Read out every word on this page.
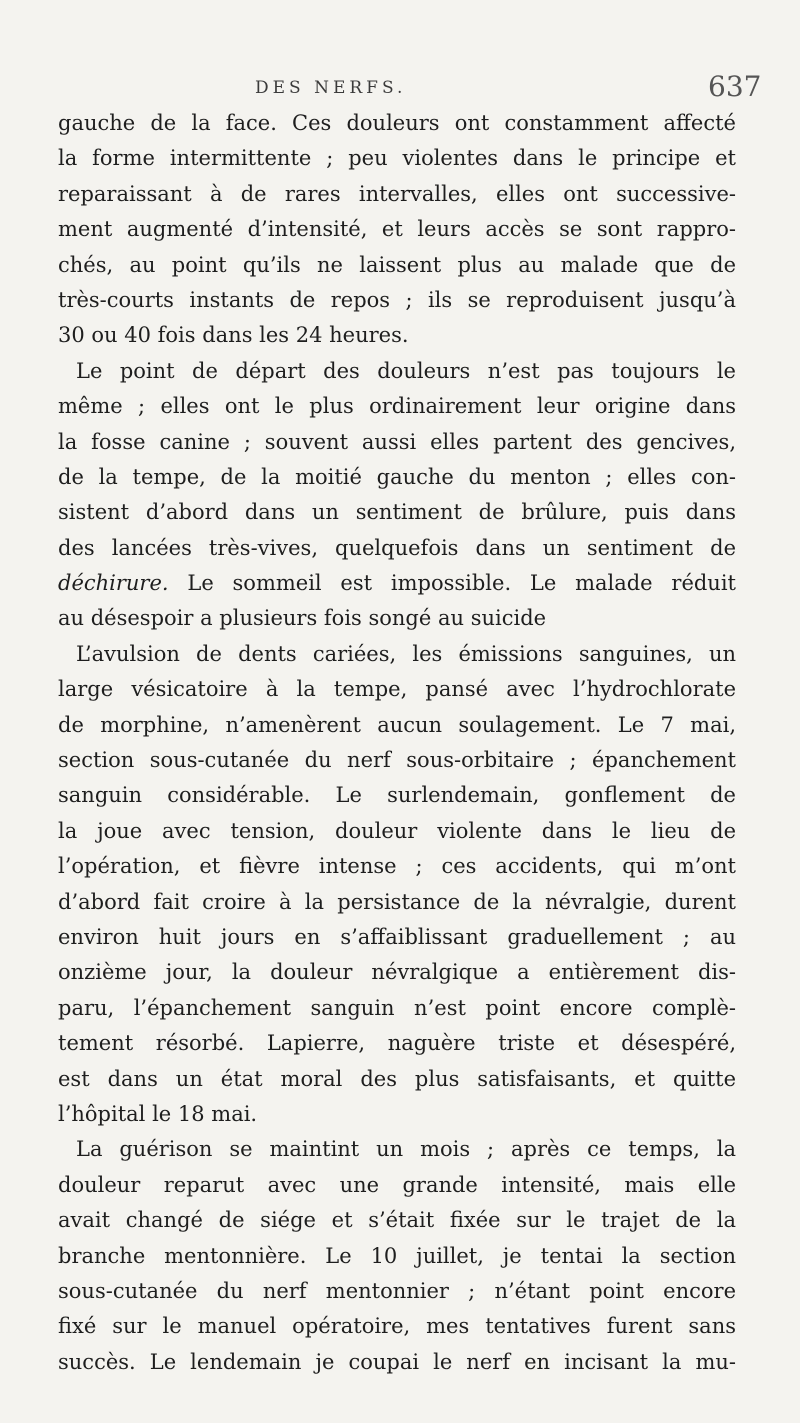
DES NERFS.	637
gauche de la face. Ces douleurs ont constamment affecté
la forme intermittente ; peu violentes dans le principe et
reparaissant à de rares intervalles, elles ont successive-
ment augmenté d’intensité, et leurs accès se sont rappro-
chés, au point qu’ils ne laissent plus au malade que de
très-courts instants de repos ; ils se reproduisent jusqu’à
30 ou 40 fois dans les 24 heures.
Le point de départ des douleurs n’est pas toujours le
même ; elles ont le plus ordinairement leur origine dans
la fosse canine ; souvent aussi elles partent des gencives,
de la tempe, de la moitié gauche du menton ; elles con-
sistent d’abord dans un sentiment de brûlure, puis dans
des lancées très-vives, quelquefois dans un sentiment de
déchirure. Le sommeil est impossible. Le malade réduit
au désespoir a plusieurs fois songé au suicide
L’avulsion de dents cariées, les émissions sanguines, un
large vésicatoire à la tempe, pansé avec l’hydrochlorate
de morphine, n’amenèrent aucun soulagement. Le 7 mai,
section sous-cutanée du nerf sous-orbitaire ; épanchement
sanguin considérable. Le surlendemain, gonflement de
la joue avec tension, douleur violente dans le lieu de
l’opération, et fièvre intense ; ces accidents, qui m’ont
d’abord fait croire à la persistance de la névralgie, durent
environ huit jours en s’affaiblissant graduellement ; au
onzième jour, la douleur névralgique a entièrement dis-
paru, l’épanchement sanguin n’est point encore complè-
tement résorbé. Lapierre, naguère triste et désespéré,
est dans un état moral des plus satisfaisants, et quitte
l’hôpital le 18 mai.
La guérison se maintint un mois ; après ce temps, la
douleur reparut avec une grande intensité, mais elle
avait changé de siége et s’était fixée sur le trajet de la
branche mentonnière. Le 10 juillet, je tentai la section
sous-cutanée du nerf mentonnier ; n’étant point encore
fixé sur le manuel opératoire, mes tentatives furent sans
succès. Le lendemain je coupai le nerf en incisant la mu-
